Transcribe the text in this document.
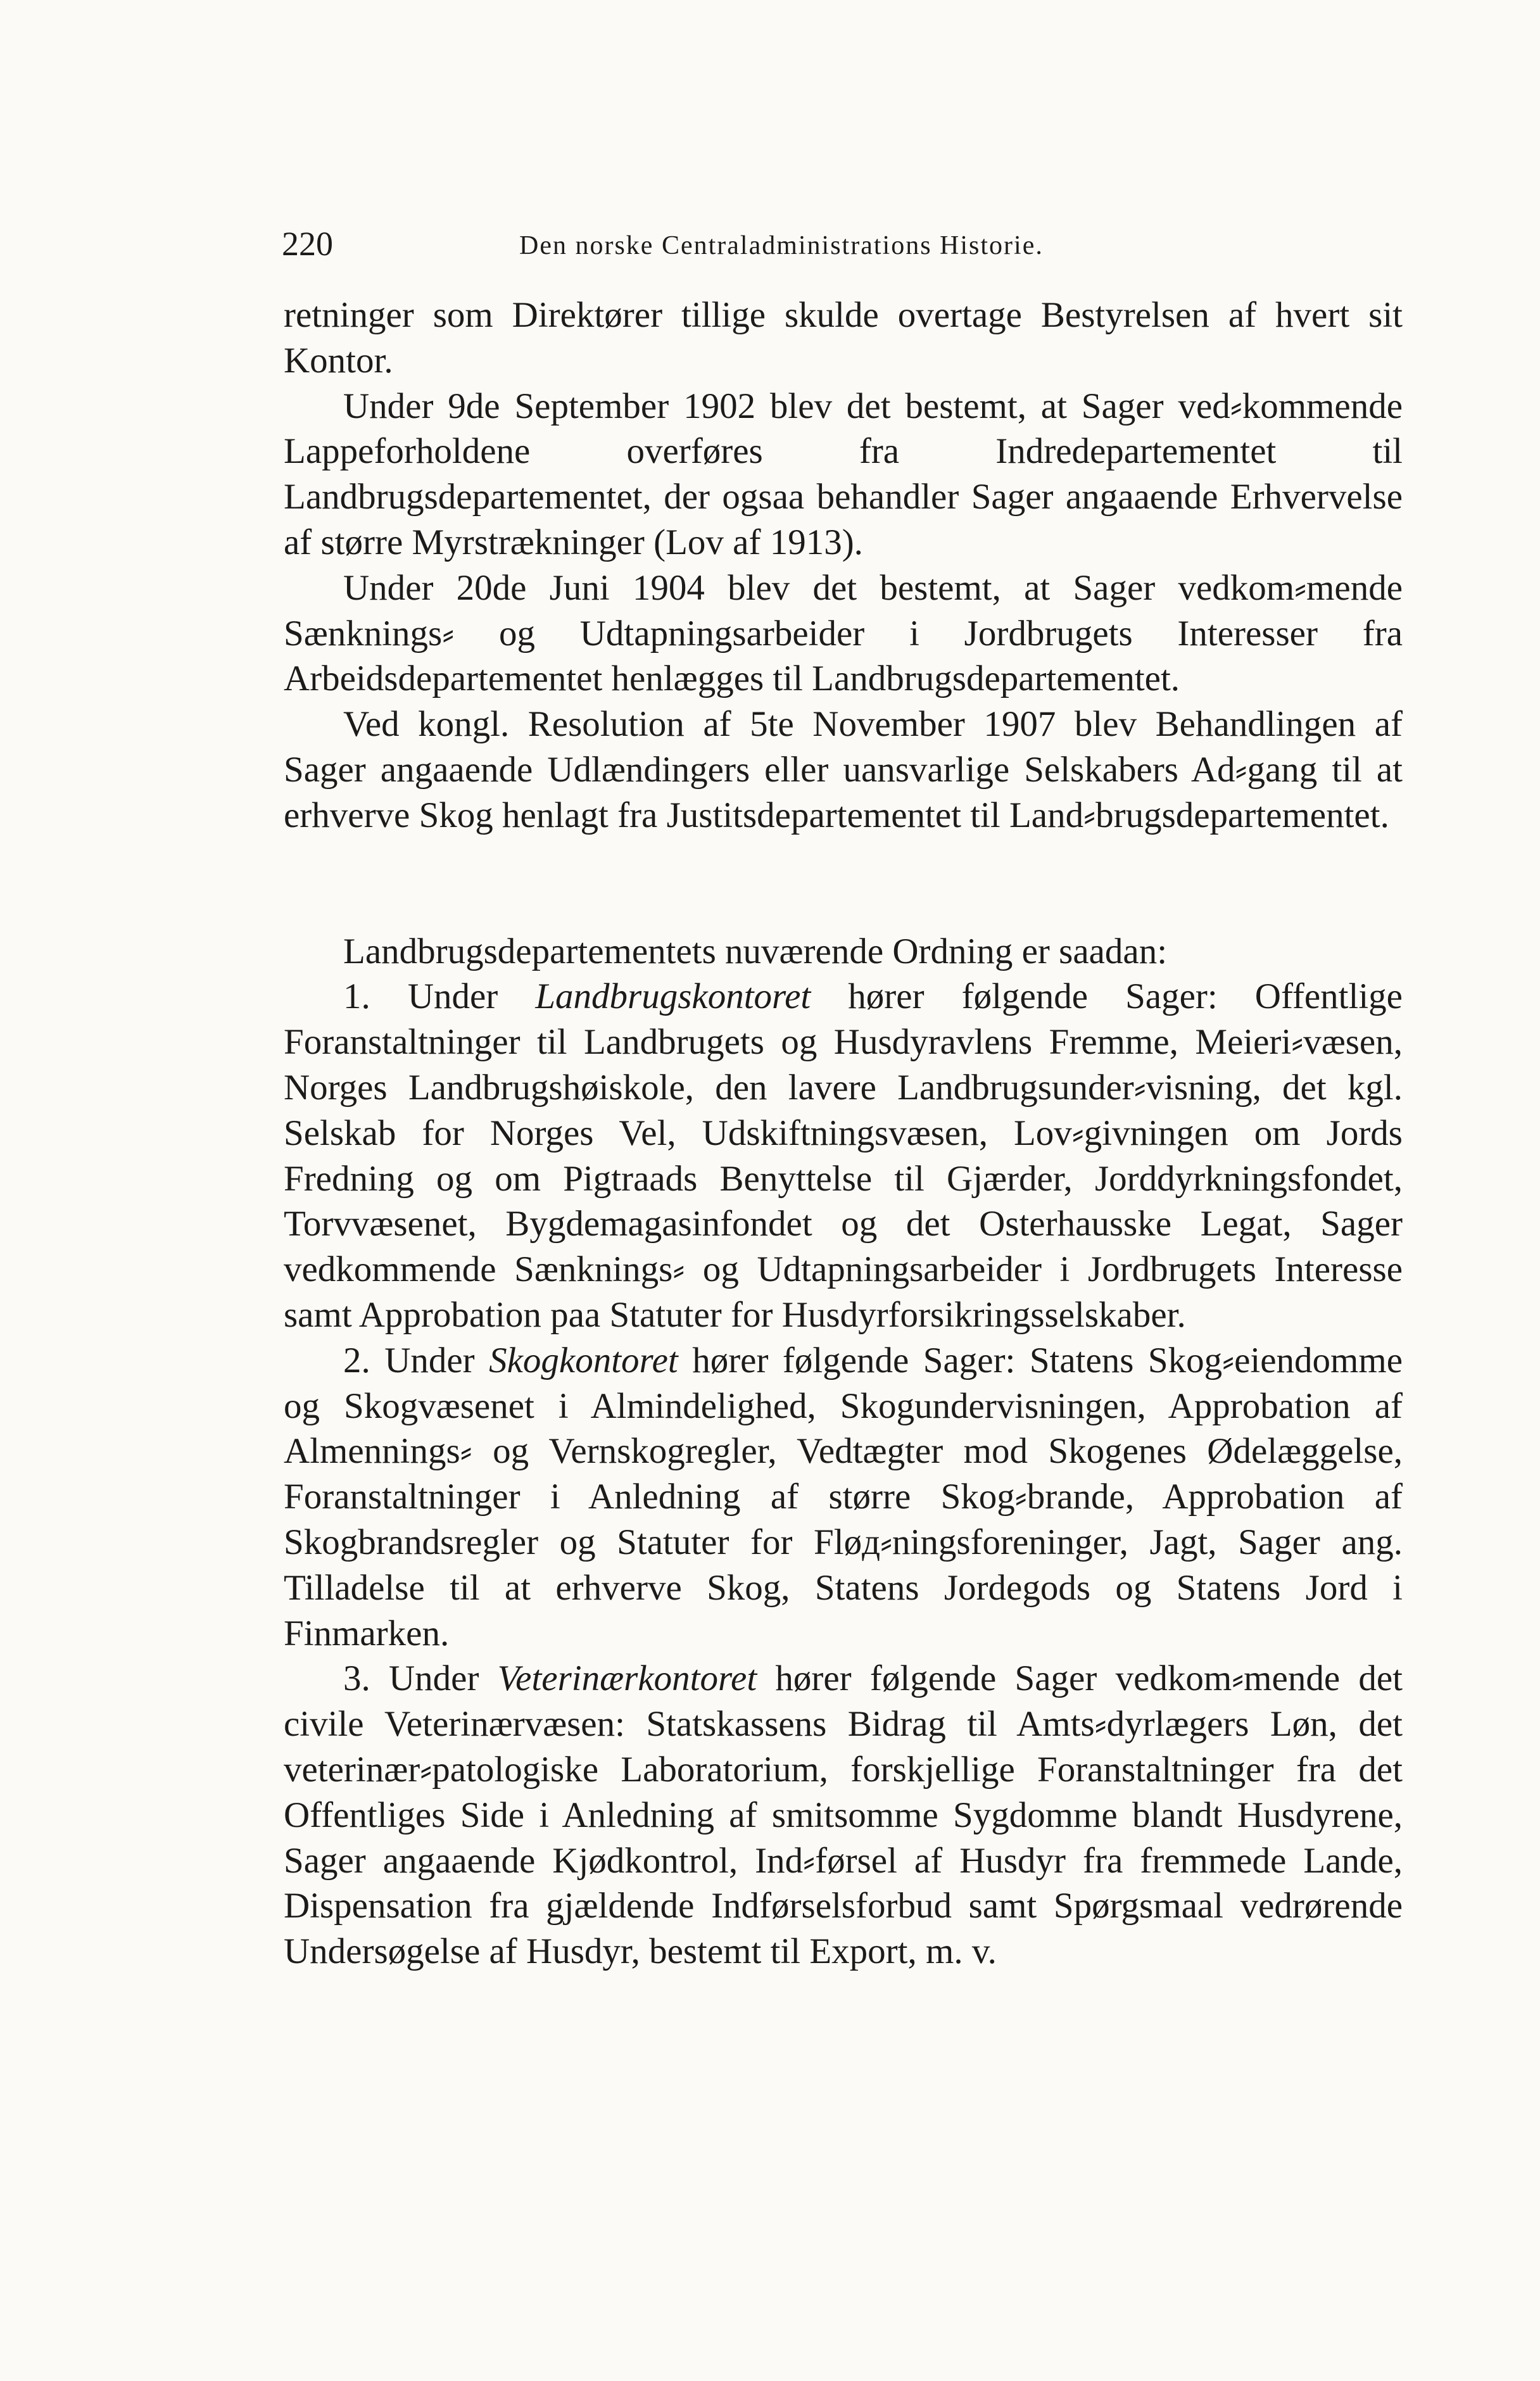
220	Den norske Centraladministrations Historie.

retninger som Direktører tillige skulde overtage Bestyrelsen af hvert sit Kontor.

Under 9de September 1902 blev det bestemt, at Sager ved⸗kommende Lappeforholdene overføres fra Indredepartementet til Landbrugsdepartementet, der ogsaa behandler Sager angaaende Erhvervelse af større Myrstrækninger (Lov af 1913).

Under 20de Juni 1904 blev det bestemt, at Sager vedkom⸗mende Sænknings⸗ og Udtapningsarbeider i Jordbrugets Interesser fra Arbeidsdepartementet henlægges til Landbrugsdepartementet.

Ved kongl. Resolution af 5te November 1907 blev Behandlingen af Sager angaaende Udlændingers eller uansvarlige Selskabers Ad⸗gang til at erhverve Skog henlagt fra Justitsdepartementet til Land⸗brugsdepartementet.

Landbrugsdepartementets nuværende Ordning er saadan:

1. Under Landbrugskontoret hører følgende Sager: Offentlige Foranstaltninger til Landbrugets og Husdyravlens Fremme, Meieri⸗væsen, Norges Landbrugshøiskole, den lavere Landbrugsunder⸗visning, det kgl. Selskab for Norges Vel, Udskiftningsvæsen, Lov⸗givningen om Jords Fredning og om Pigtraads Benyttelse til Gjærder, Jorddyrkningsfondet, Torvvæsenet, Bygdemagasinfondet og det Osterhausske Legat, Sager vedkommende Sænknings⸗ og Udtapningsarbeider i Jordbrugets Interesse samt Approbation paa Statuter for Husdyrforsikringsselskaber.

2. Under Skogkontoret hører følgende Sager: Statens Skog⸗eiendomme og Skogvæsenet i Almindelighed, Skogundervisningen, Approbation af Almennings⸗ og Vernskogregler, Vedtægter mod Skogenes Ødelæggelse, Foranstaltninger i Anledning af større Skog⸗brande, Approbation af Skogbrandsregler og Statuter for Fløд⸗ningsforeninger, Jagt, Sager ang. Tilladelse til at erhverve Skog, Statens Jordegods og Statens Jord i Finmarken.

3. Under Veterinærkontoret hører følgende Sager vedkom⸗mende det civile Veterinærvæsen: Statskassens Bidrag til Amts⸗dyrlægers Løn, det veterinær⸗patologiske Laboratorium, forskjellige Foranstaltninger fra det Offentliges Side i Anledning af smitsomme Sygdomme blandt Husdyrene, Sager angaaende Kjødkontrol, Ind⸗førsel af Husdyr fra fremmede Lande, Dispensation fra gjældende Indførselsforbud samt Spørgsmaal vedrørende Undersøgelse af Husdyr, bestemt til Export, m. v.
